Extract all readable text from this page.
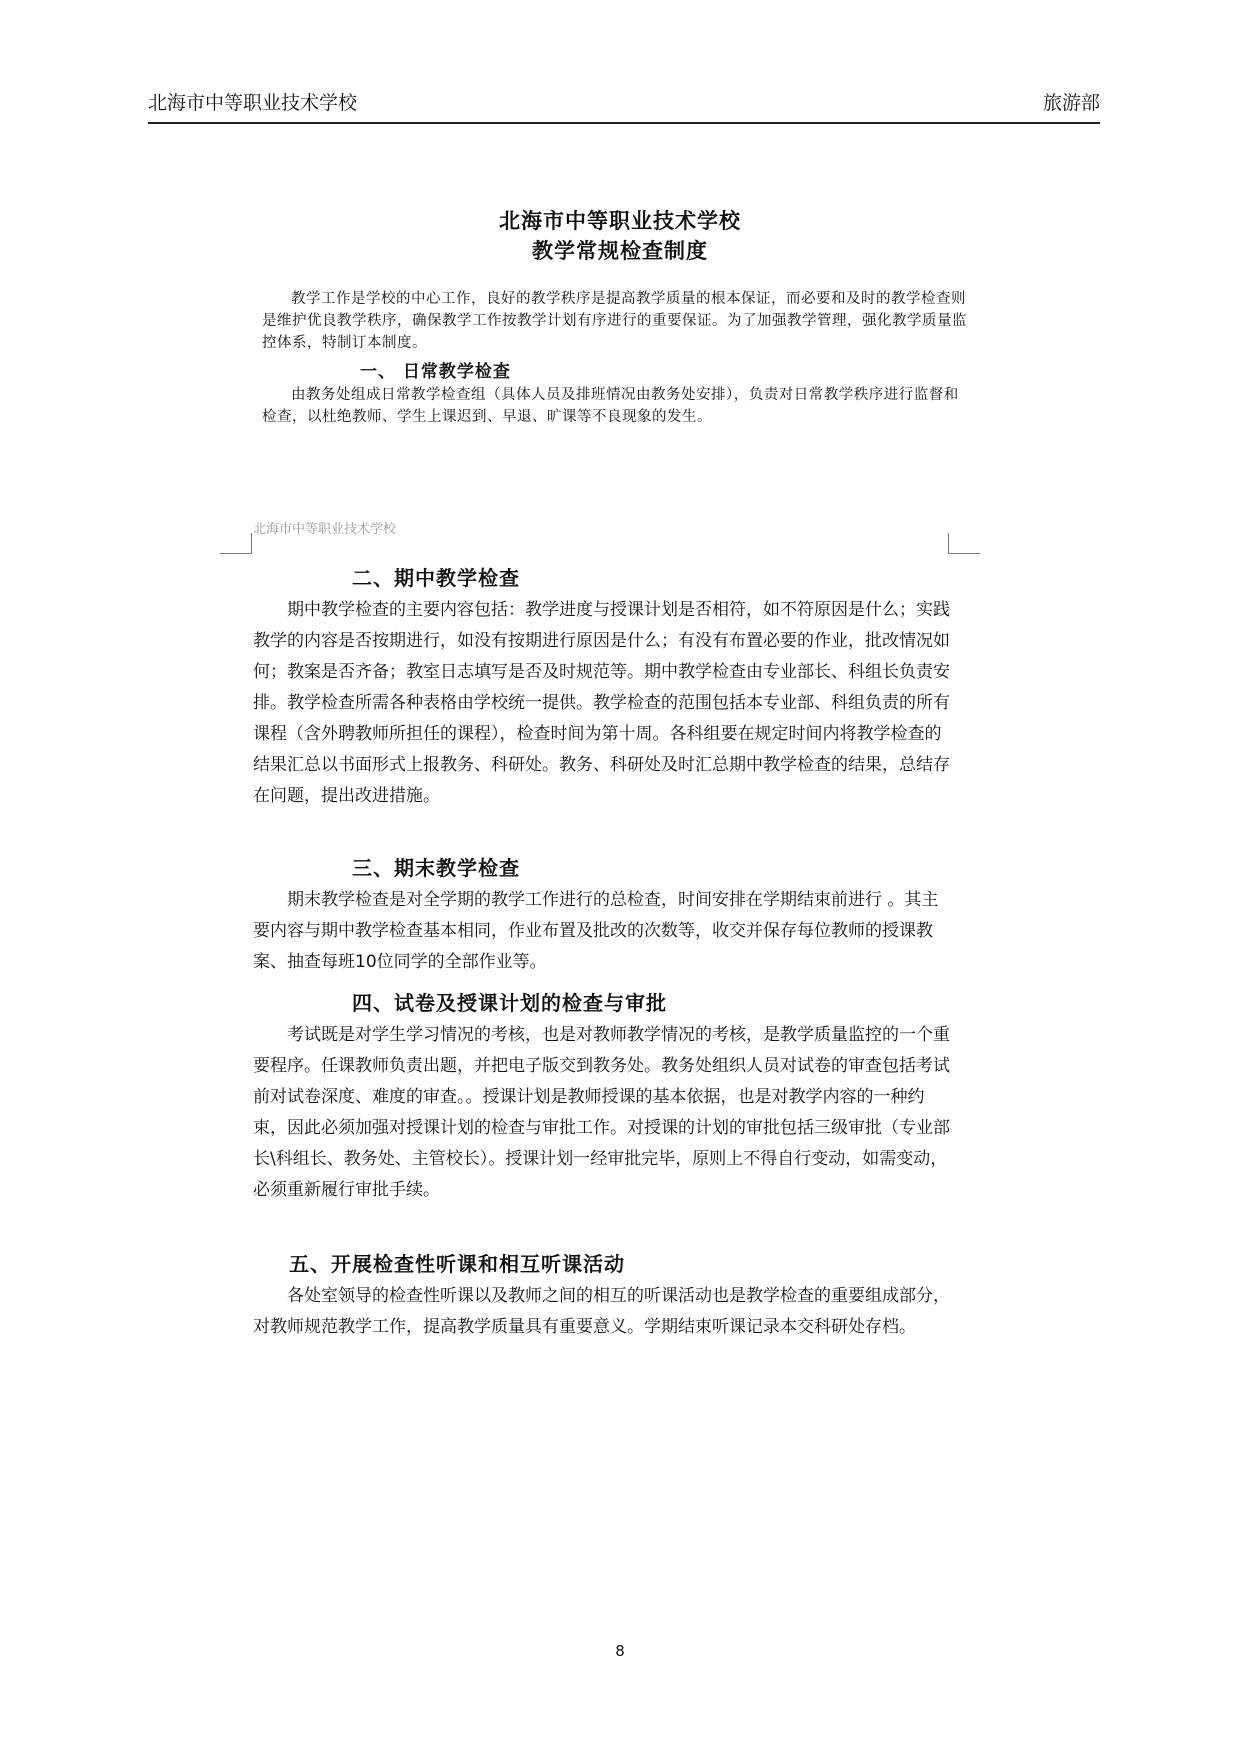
北海市中等职业技术学校	旅游部
北海市中等职业技术学校
教学常规检查制度

教学工作是学校的中心工作，良好的教学秩序是提高教学质量的根本保证，而必要和及时的教学检查则是维护优良教学秩序，确保教学工作按教学计划有序进行的重要保证。为了加强教学管理，强化教学质量监控体系，特制订本制度。

一、 日常教学检查

由教务处组成日常教学检查组（具体人员及排班情况由教务处安排），负责对日常教学秩序进行监督和检查，以杜绝教师、学生上课迟到、早退、旷课等不良现象的发生。

北海市中等职业技术学校
二、期中教学检查

期中教学检查的主要内容包括：教学进度与授课计划是否相符，如不符原因是什么；实践教学的内容是否按期进行，如没有按期进行原因是什么；有没有布置必要的作业，批改情况如何；教案是否齐备；教室日志填写是否及时规范等。期中教学检查由专业部长、科组长负责安排。教学检查所需各种表格由学校统一提供。教学检查的范围包括本专业部、科组负责的所有课程（含外聘教师所担任的课程），检查时间为第十周。各科组要在规定时间内将教学检查的结果汇总以书面形式上报教务、科研处。教务、科研处及时汇总期中教学检查的结果，总结存在问题，提出改进措施。

三、期末教学检查

期末教学检查是对全学期的教学工作进行的总检查，时间安排在学期结束前进行 。其主要内容与期中教学检查基本相同，作业布置及批改的次数等，收交并保存每位教师的授课教案、抽查每班10位同学的全部作业等。

四、试卷及授课计划的检查与审批

考试既是对学生学习情况的考核，也是对教师教学情况的考核，是教学质量监控的一个重要程序。任课教师负责出题，并把电子版交到教务处。教务处组织人员对试卷的审查包括考试前对试卷深度、难度的审查。。授课计划是教师授课的基本依据，也是对教学内容的一种约束，因此必须加强对授课计划的检查与审批工作。对授课的计划的审批包括三级审批（专业部长\科组长、教务处、主管校长）。授课计划一经审批完毕，原则上不得自行变动，如需变动，必须重新履行审批手续。

五、开展检查性听课和相互听课活动

各处室领导的检查性听课以及教师之间的相互的听课活动也是教学检查的重要组成部分，对教师规范教学工作，提高教学质量具有重要意义。学期结束听课记录本交科研处存档。

8
